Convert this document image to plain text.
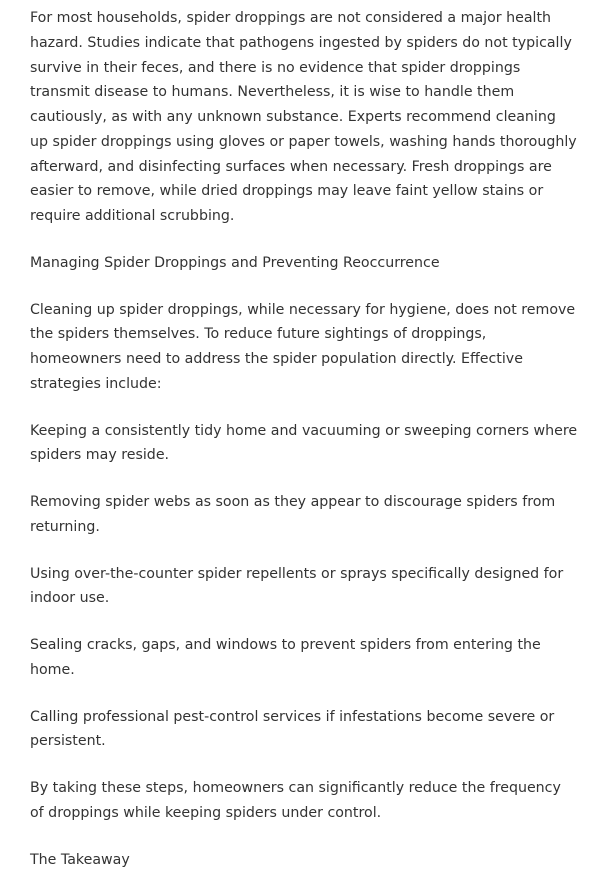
For most households, spider droppings are not considered a major health hazard. Studies indicate that pathogens ingested by spiders do not typically survive in their feces, and there is no evidence that spider droppings transmit disease to humans. Nevertheless, it is wise to handle them cautiously, as with any unknown substance. Experts recommend cleaning up spider droppings using gloves or paper towels, washing hands thoroughly afterward, and disinfecting surfaces when necessary. Fresh droppings are easier to remove, while dried droppings may leave faint yellow stains or require additional scrubbing.

Managing Spider Droppings and Preventing Reoccurrence

Cleaning up spider droppings, while necessary for hygiene, does not remove the spiders themselves. To reduce future sightings of droppings, homeowners need to address the spider population directly. Effective strategies include:

Keeping a consistently tidy home and vacuuming or sweeping corners where spiders may reside.

Removing spider webs as soon as they appear to discourage spiders from returning.

Using over-the-counter spider repellents or sprays specifically designed for indoor use.

Sealing cracks, gaps, and windows to prevent spiders from entering the home.

Calling professional pest-control services if infestations become severe or persistent.

By taking these steps, homeowners can significantly reduce the frequency of droppings while keeping spiders under control.

The Takeaway
